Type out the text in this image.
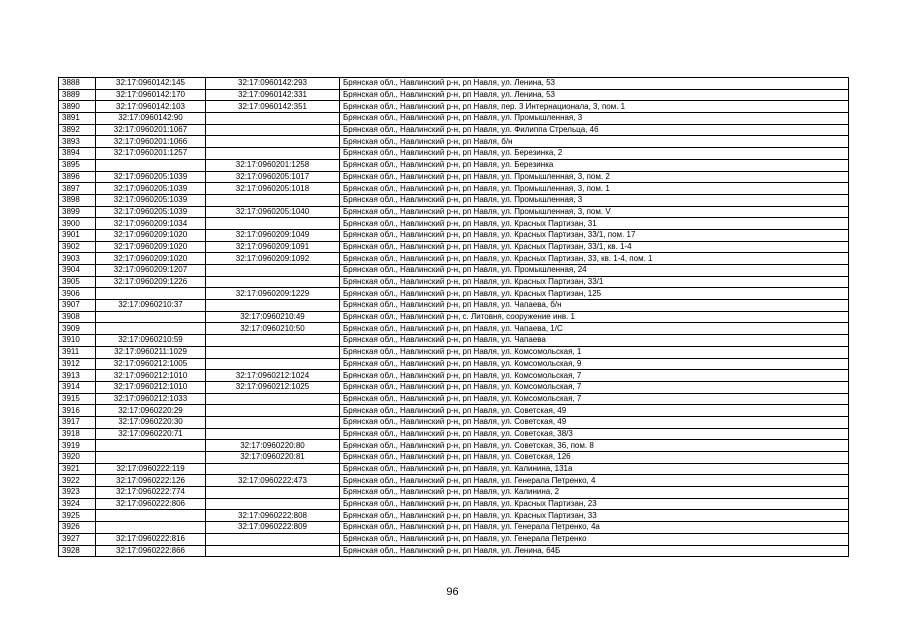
3888	32:17:0960142:145	32:17:0960142:293	Брянская обл., Навлинский р-н, рп Навля, ул. Ленина, 53
3889	32:17:0960142:170	32:17:0960142:331	Брянская обл., Навлинский р-н, рп Навля, ул. Ленина, 53
3890	32:17:0960142:103	32:17:0960142:351	Брянская обл., Навлинский р-н, рп Навля, пер. 3 Интернационала, 3, пом. 1
3891	32:17:0960142:90		Брянская обл., Навлинский р-н, рп Навля, ул. Промышленная, 3
3892	32:17:0960201:1067		Брянская обл., Навлинский р-н, рп Навля, ул. Филиппа Стрельца, 46
3893	32:17:0960201:1066		Брянская обл., Навлинский р-н, рп Навля, б/н
3894	32:17:0960201:1257		Брянская обл., Навлинский р-н, рп Навля, ул. Березинка, 2
3895		32:17:0960201:1258	Брянская обл., Навлинский р-н, рп Навля, ул. Березинка
3896	32:17:0960205:1039	32:17:0960205:1017	Брянская обл., Навлинский р-н, рп Навля, ул. Промышленная, 3, пом. 2
3897	32:17:0960205:1039	32:17:0960205:1018	Брянская обл., Навлинский р-н, рп Навля, ул. Промышленная, 3, пом. 1
3898	32:17:0960205:1039		Брянская обл., Навлинский р-н, рп Навля, ул. Промышленная, 3
3899	32:17:0960205:1039	32:17:0960205:1040	Брянская обл., Навлинский р-н, рп Навля, ул. Промышленная, 3, пом. V
3900	32:17:0960209:1034		Брянская обл., Навлинский р-н, рп Навля, ул. Красных Партизан, 31
3901	32:17:0960209:1020	32:17:0960209:1049	Брянская обл., Навлинский р-н, рп Навля, ул. Красных Партизан, 33/1, пом. 17
3902	32:17:0960209:1020	32:17:0960209:1091	Брянская обл., Навлинский р-н, рп Навля, ул. Красных Партизан, 33/1, кв. 1-4
3903	32:17:0960209:1020	32:17:0960209:1092	Брянская обл., Навлинский р-н, рп Навля, ул. Красных Партизан, 33, кв. 1-4, пом. 1
3904	32:17:0960209:1207		Брянская обл., Навлинский р-н, рп Навля, ул. Промышленная, 24
3905	32:17:0960209:1226		Брянская обл., Навлинский р-н, рп Навля, ул. Красных Партизан, 33/1
3906		32:17:0960209:1229	Брянская обл., Навлинский р-н, рп Навля, ул. Красных Партизан, 125
3907	32:17:0960210:37		Брянская обл., Навлинский р-н, рп Навля, ул. Чапаева, б/н
3908		32:17:0960210:49	Брянская обл., Навлинский р-н, с. Литовня, сооружение инв. 1
3909		32:17:0960210:50	Брянская обл., Навлинский р-н, рп Навля, ул. Чапаева, 1/С
3910	32:17:0960210:59		Брянская обл., Навлинский р-н, рп Навля, ул. Чапаева
3911	32:17:0960211:1029		Брянская обл., Навлинский р-н, рп Навля, ул. Комсомольская, 1
3912	32:17:0960212:1005		Брянская обл., Навлинский р-н, рп Навля, ул. Комсомольская, 9
3913	32:17:0960212:1010	32:17:0960212:1024	Брянская обл., Навлинский р-н, рп Навля, ул. Комсомольская, 7
3914	32:17:0960212:1010	32:17:0960212:1025	Брянская обл., Навлинский р-н, рп Навля, ул. Комсомольская, 7
3915	32:17:0960212:1033		Брянская обл., Навлинский р-н, рп Навля, ул. Комсомольская, 7
3916	32:17:0960220:29		Брянская обл., Навлинский р-н, рп Навля, ул. Советская, 49
3917	32:17:0960220:30		Брянская обл., Навлинский р-н, рп Навля, ул. Советская, 49
3918	32:17:0960220:71		Брянская обл., Навлинский р-н, рп Навля, ул. Советская, 38/3
3919		32:17:0960220:80	Брянская обл., Навлинский р-н, рп Навля, ул. Советская, 36, пом. 8
3920		32:17:0960220:81	Брянская обл., Навлинский р-н, рп Навля, ул. Советская, 126
3921	32:17:0960222:119		Брянская обл., Навлинский р-н, рп Навля, ул. Калинина, 131а
3922	32:17:0960222:126	32:17:0960222:473	Брянская обл., Навлинский р-н, рп Навля, ул. Генерала Петренко, 4
3923	32:17:0960222:774		Брянская обл., Навлинский р-н, рп Навля, ул. Калинина, 2
3924	32:17:0960222:806		Брянская обл., Навлинский р-н, рп Навля, ул. Красных Партизан, 23
3925		32:17:0960222:808	Брянская обл., Навлинский р-н, рп Навля, ул. Красных Партизан, 33
3926		32:17:0960222:809	Брянская обл., Навлинский р-н, рп Навля, ул. Генерала Петренко, 4а
3927	32:17:0960222:816		Брянская обл., Навлинский р-н, рп Навля, ул. Генерала Петренко
3928	32:17:0960222:866		Брянская обл., Навлинский р-н, рп Навля, ул. Ленина, 64Б
96
